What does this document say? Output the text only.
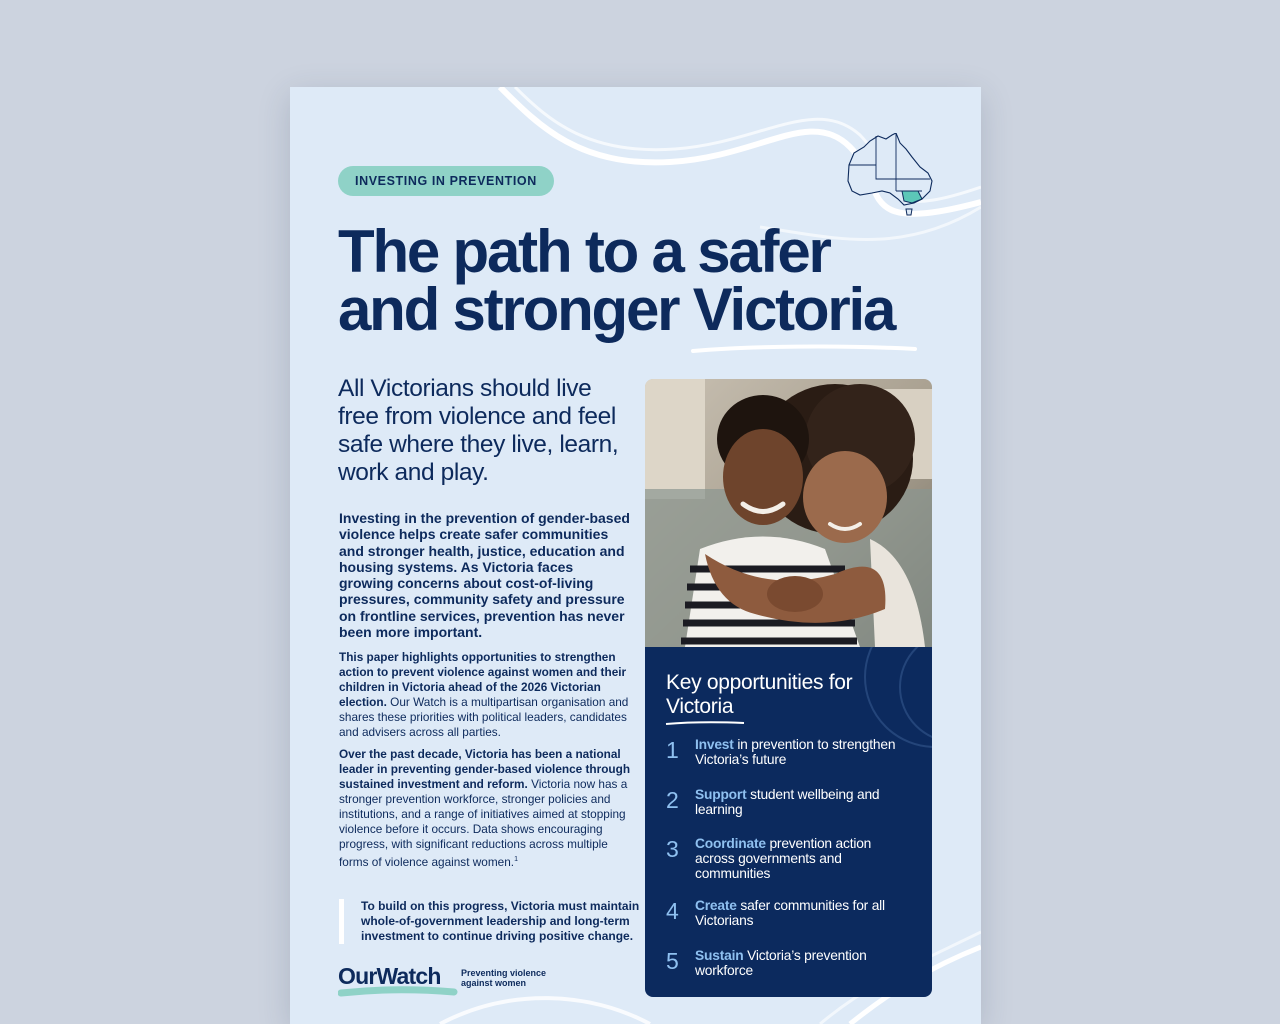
INVESTING IN PREVENTION
The path to a safer
and stronger Victoria

All Victorians should live free from violence and feel safe where they live, learn, work and play.

Investing in the prevention of gender-based violence helps create safer communities and stronger health, justice, education and housing systems. As Victoria faces growing concerns about cost-of-living pressures, community safety and pressure on frontline services, prevention has never been more important.

This paper highlights opportunities to strengthen action to prevent violence against women and their children in Victoria ahead of the 2026 Victorian election. Our Watch is a multipartisan organisation and shares these priorities with political leaders, candidates and advisers across all parties.

Over the past decade, Victoria has been a national leader in preventing gender-based violence through sustained investment and reform. Victoria now has a stronger prevention workforce, stronger policies and institutions, and a range of initiatives aimed at stopping violence before it occurs. Data shows encouraging progress, with significant reductions across multiple forms of violence against women.$^1$

To build on this progress, Victoria must maintain whole-of-government leadership and long-term investment to continue driving positive change.
OurWatch Preventing violence against women
Key opportunities for Victoria
1	Invest in prevention to strengthen Victoria’s future
2	Support student wellbeing and learning
3	Coordinate prevention action across governments and communities
4	Create safer communities for all Victorians
5	Sustain Victoria’s prevention workforce
